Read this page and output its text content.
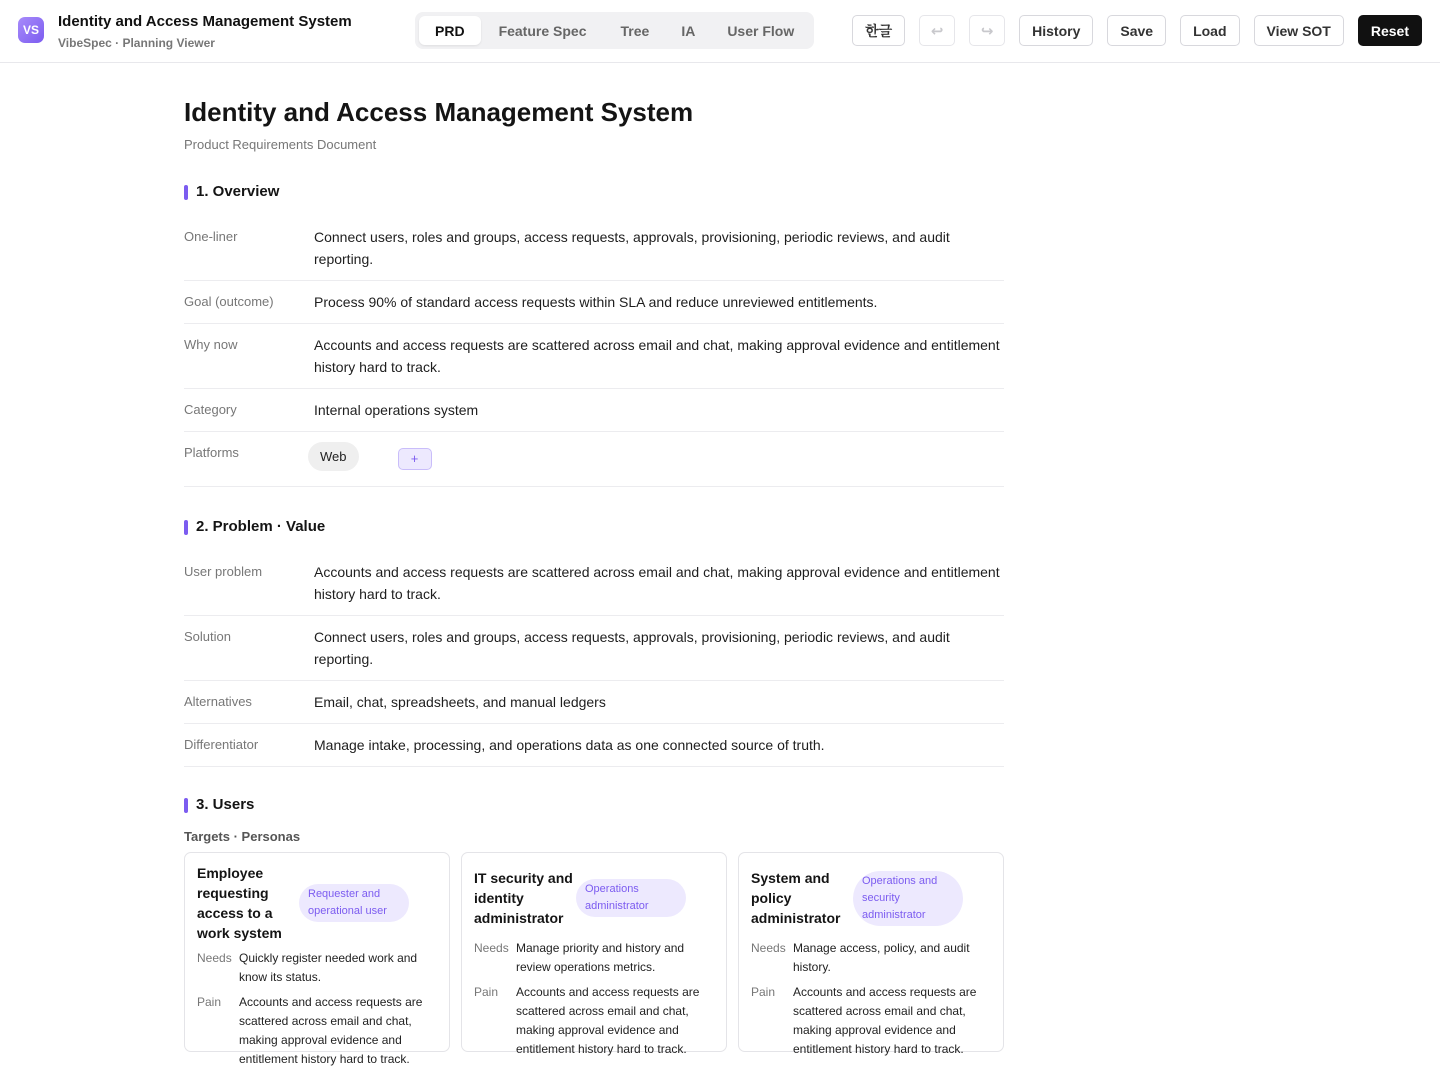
VS	Identity and Access Management System
VibeSpec · Planning Viewer
PRD	Feature Spec	Tree	IA	User Flow	한글	↩	↪	History	Save	Load	View SOT	Reset
Identity and Access Management System
Product Requirements Document
1. Overview
One-liner	Connect users, roles and groups, access requests, approvals, provisioning, periodic reviews, and audit reporting.
Goal (outcome)	Process 90% of standard access requests within SLA and reduce unreviewed entitlements.
Why now	Accounts and access requests are scattered across email and chat, making approval evidence and entitlement history hard to track.
Category	Internal operations system
Platforms	Web	+
2. Problem · Value
User problem	Accounts and access requests are scattered across email and chat, making approval evidence and entitlement history hard to track.
Solution	Connect users, roles and groups, access requests, approvals, provisioning, periodic reviews, and audit reporting.
Alternatives	Email, chat, spreadsheets, and manual ledgers
Differentiator	Manage intake, processing, and operations data as one connected source of truth.
3. Users
Targets · Personas
Employee requesting access to a work system
Requester and operational user
Needs Quickly register needed work and know its status.
Pain	Accounts and access requests are scattered across email and chat, making approval evidence and entitlement history hard to track.
IT security and identity administrator
Operations administrator
Needs Manage priority and history and review operations metrics.
Pain	Accounts and access requests are scattered across email and chat, making approval evidence and entitlement history hard to track.
System and policy administrator
Operations and security administrator
Needs Manage access, policy, and audit history.
Pain	Accounts and access requests are scattered across email and chat, making approval evidence and entitlement history hard to track.
